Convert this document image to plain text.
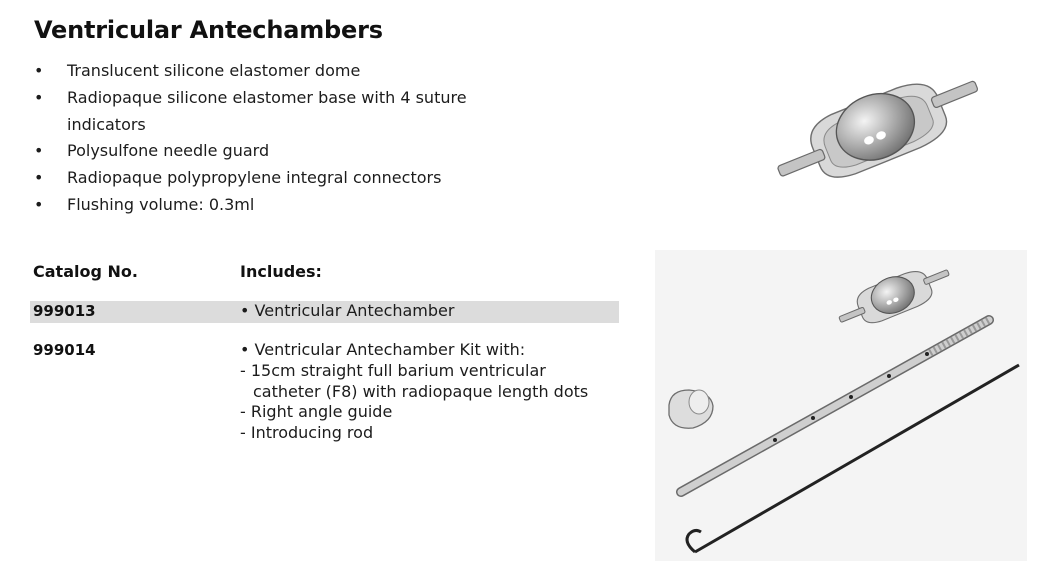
Ventricular Antechambers
• Translucent silicone elastomer dome
• Radiopaque silicone elastomer base with 4 suture indicators
• Polysulfone needle guard
• Radiopaque polypropylene integral connectors
• Flushing volume: 0.3ml
Catalog No.	Includes:
999013	• Ventricular Antechamber
999014	• Ventricular Antechamber Kit with:
- 15cm straight full barium ventricular
catheter (F8) with radiopaque length dots
- Right angle guide
- Introducing rod
